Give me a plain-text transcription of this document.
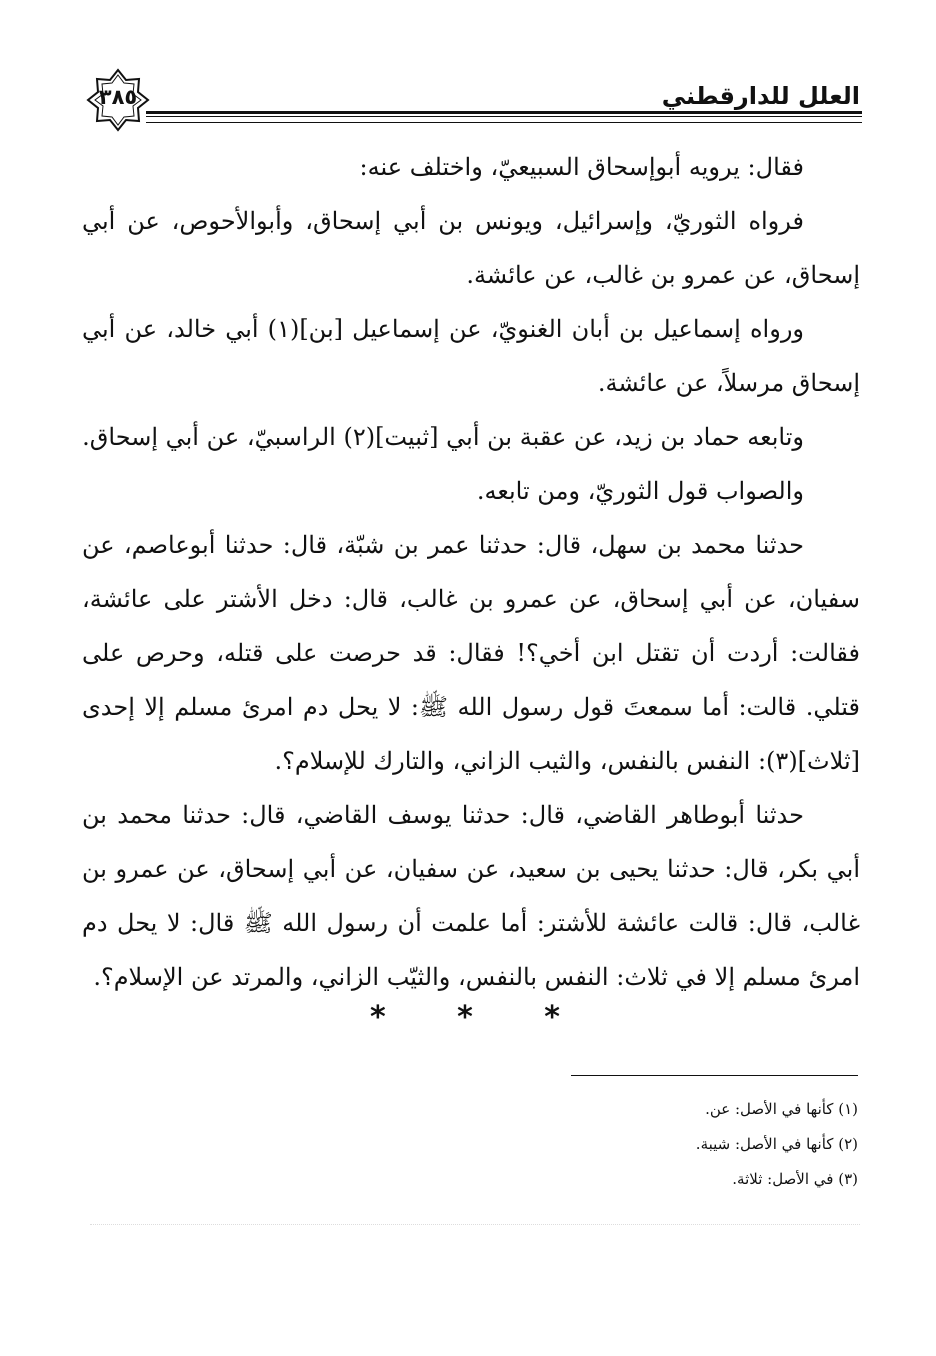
العلل للدارقطني
٣٨٥

فقال: يرويه أبوإسحاق السبيعيّ، واختلف عنه:

فرواه الثوريّ، وإسرائيل، ويونس بن أبي إسحاق، وأبوالأحوص، عن أبي إسحاق، عن عمرو بن غالب، عن عائشة.

ورواه إسماعيل بن أبان الغنويّ، عن إسماعيل [بن](١) أبي خالد، عن أبي إسحاق مرسلاً، عن عائشة.

وتابعه حماد بن زيد، عن عقبة بن أبي [ثبيت](٢) الراسبيّ، عن أبي إسحاق.

والصواب قول الثوريّ، ومن تابعه.

حدثنا محمد بن سهل، قال: حدثنا عمر بن شبّة، قال: حدثنا أبوعاصم، عن سفيان، عن أبي إسحاق، عن عمرو بن غالب، قال: دخل الأشتر على عائشة، فقالت: أردت أن تقتل ابن أخي؟! فقال: قد حرصت على قتله، وحرص على قتلي. قالت: أما سمعتَ قول رسول الله ﷺ: لا يحل دم امرئ مسلم إلا إحدى [ثلاث](٣): النفس بالنفس، والثيب الزاني، والتارك للإسلام؟.

حدثنا أبوطاهر القاضي، قال: حدثنا يوسف القاضي، قال: حدثنا محمد بن أبي بكر، قال: حدثنا يحيى بن سعيد، عن سفيان، عن أبي إسحاق، عن عمرو بن غالب، قال: قالت عائشة للأشتر: أما علمت أن رسول الله ﷺ قال: لا يحل دم امرئ مسلم إلا في ثلاث: النفس بالنفس، والثيّب الزاني، والمرتد عن الإسلام؟.

* * *
(١) كأنها في الأصل: عن.
(٢) كأنها في الأصل: شيبة.
(٣) في الأصل: ثلاثة.
